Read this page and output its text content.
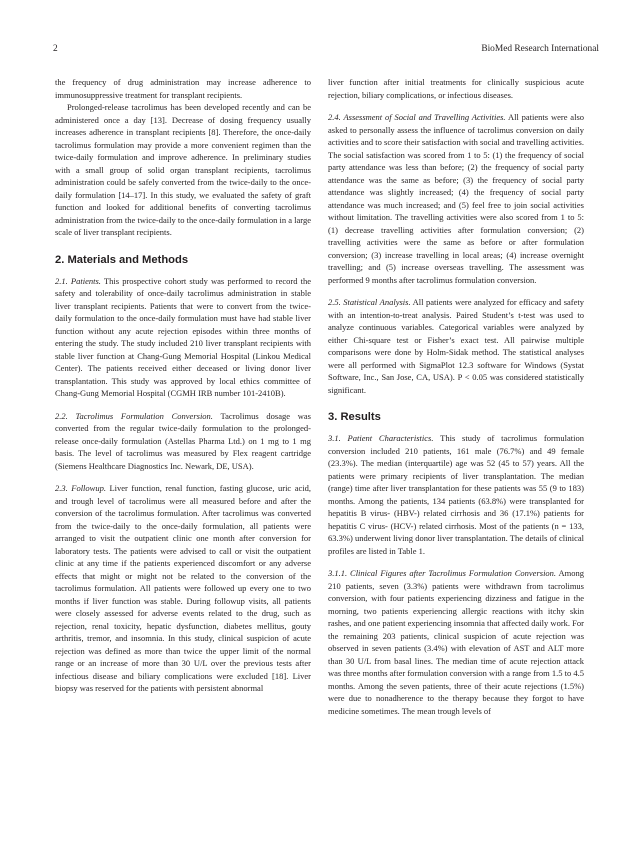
2	BioMed Research International

the frequency of drug administration may increase adherence to immunosuppressive treatment for transplant recipients.

Prolonged-release tacrolimus has been developed recently and can be administered once a day [13]. Decrease of dosing frequency usually increases adherence in transplant recipients [8]. Therefore, the once-daily tacrolimus formulation may provide a more convenient regimen than the twice-daily formulation and improve adherence. In preliminary studies with a small group of solid organ transplant recipients, tacrolimus administration could be safely converted from the twice-daily to the once-daily formulation [14–17]. In this study, we evaluated the safety of graft function and looked for additional benefits of converting tacrolimus administration from the twice-daily to the once-daily formulation in a large scale of liver transplant recipients.

2. Materials and Methods

2.1. Patients. This prospective cohort study was performed to record the safety and tolerability of once-daily tacrolimus administration in stable liver transplant recipients. Patients that were to convert from the twice-daily formulation to the once-daily formulation must have had stable liver function without any acute rejection episodes within three months of entering the study. The study included 210 liver transplant recipients with stable liver function at Chang-Gung Memorial Hospital (Linkou Medical Center). The patients received either deceased or living donor liver transplantation. This study was approved by local ethics committee of Chang-Gung Memorial Hospital (CGMH IRB number 101-2410B).

2.2. Tacrolimus Formulation Conversion. Tacrolimus dosage was converted from the regular twice-daily formulation to the prolonged-release once-daily formulation (Astellas Pharma Ltd.) on 1 mg to 1 mg basis. The level of tacrolimus was measured by Flex reagent cartridge (Siemens Healthcare Diagnostics Inc. Newark, DE, USA).

2.3. Followup. Liver function, renal function, fasting glucose, uric acid, and trough level of tacrolimus were all measured before and after the conversion of the tacrolimus formulation. After tacrolimus was converted from the twice-daily to the once-daily formulation, all patients were arranged to visit the outpatient clinic one month after conversion for laboratory tests. The patients were advised to call or visit the outpatient clinic at any time if the patients experienced discomfort or any adverse effects that might or might not be related to the conversion of the tacrolimus formulation. All patients were followed up every one to two months if liver function was stable. During followup visits, all patients were closely assessed for adverse events related to the drug, such as rejection, renal toxicity, hepatic dysfunction, diabetes mellitus, gouty arthritis, tremor, and insomnia. In this study, clinical suspicion of acute rejection was defined as more than twice the upper limit of the normal range or an increase of more than 30 U/L over the previous tests after infectious disease and biliary complications were excluded [18]. Liver biopsy was reserved for the patients with persistent abnormal

liver function after initial treatments for clinically suspicious acute rejection, biliary complications, or infectious diseases.

2.4. Assessment of Social and Travelling Activities. All patients were also asked to personally assess the influence of tacrolimus conversion on daily activities and to score their satisfaction with social and travelling activities. The social satisfaction was scored from 1 to 5: (1) the frequency of social party attendance was less than before; (2) the frequency of social party attendance was the same as before; (3) the frequency of social party attendance was slightly increased; (4) the frequency of social party attendance was much increased; and (5) feel free to join social activities without limitation. The travelling activities were also scored from 1 to 5: (1) decrease travelling activities after formulation conversion; (2) travelling activities were the same as before or after formulation conversion; (3) increase travelling in local areas; (4) increase overnight travelling; and (5) increase overseas travelling. The assessment was performed 9 months after tacrolimus formulation conversion.

2.5. Statistical Analysis. All patients were analyzed for efficacy and safety with an intention-to-treat analysis. Paired Student’s t-test was used to analyze continuous variables. Categorical variables were analyzed by either Chi-square test or Fisher’s exact test. All pairwise multiple comparisons were done by Holm-Sidak method. The statistical analyses were all performed with SigmaPlot 12.3 software for Windows (Systat Software, Inc., San Jose, CA, USA). P < 0.05 was considered statistically significant.

3. Results

3.1. Patient Characteristics. This study of tacrolimus formulation conversion included 210 patients, 161 male (76.7%) and 49 female (23.3%). The median (interquartile) age was 52 (45 to 57) years. All the patients were primary recipients of liver transplantation. The median (range) time after liver transplantation for these patients was 55 (9 to 183) months. Among the patients, 134 patients (63.8%) were transplanted for hepatitis B virus- (HBV-) related cirrhosis and 36 (17.1%) patients for hepatitis C virus- (HCV-) related cirrhosis. Most of the patients (n = 133, 63.3%) underwent living donor liver transplantation. The details of clinical profiles are listed in Table 1.

3.1.1. Clinical Figures after Tacrolimus Formulation Conversion. Among 210 patients, seven (3.3%) patients were withdrawn from tacrolimus conversion, with four patients experiencing dizziness and fatigue in the morning, two patients experiencing allergic reactions with itchy skin rashes, and one patient experiencing insomnia that affected daily work. For the remaining 203 patients, clinical suspicion of acute rejection was observed in seven patients (3.4%) with elevation of AST and ALT more than 30 U/L from basal lines. The median time of acute rejection attack was three months after formulation conversion with a range from 1.5 to 4.5 months. Among the seven patients, three of their acute rejections (1.5%) were due to nonadherence to the therapy because they forgot to have medicine sometimes. The mean trough levels of
